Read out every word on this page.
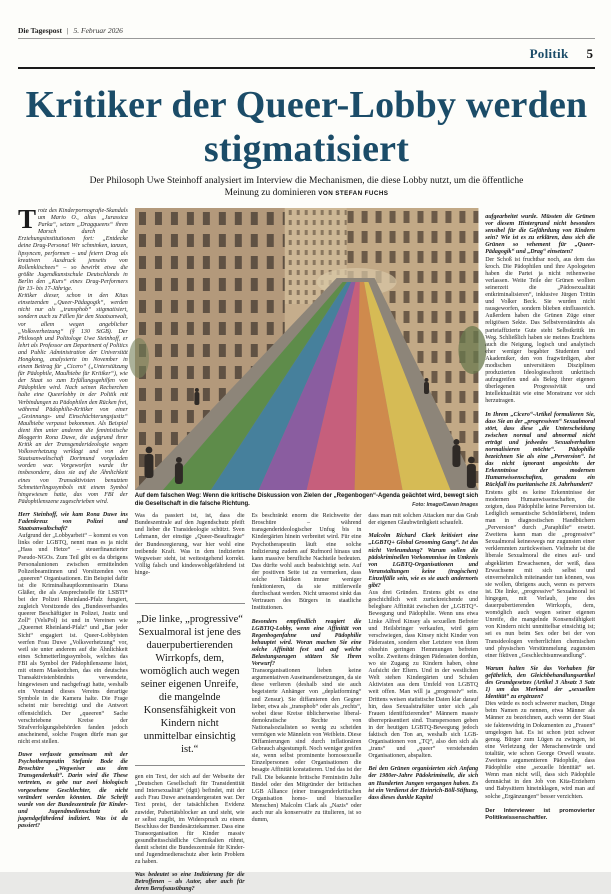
Die Tagespost | 5. Februar 2026
Politik 5
Kritiker der Queer-Lobby werden stigmatisiert
Der Philosoph Uwe Steinhoff analysiert im Interview die Mechanismen, die diese Lobby nutzt, um die öffentliche Meinung zu dominieren VON STEFAN FUCHS

Trotz des Kinderpornografie-Skandals um Mario O., alias „Jurassica Parka“, setzen „Dragqueens“ ihren Marsch durch die Erziehungsinstitutionen fort: „Entdecke deine Drag-Persona! Wir schminken, tanzen, lipsyncen, performen – und feiern Drag als kreativen Ausdruck jenseits von Rollenklischees“ – so bewirbt etwa die größte Jugendkunstschule Deutschlands in Berlin den „Kurs“ eines Drag-Performers für 13- bis 17-Jährige.

Kritiker dieser, schon in den Kitas einsetzenden „Queer-Pädagogik“, werden nicht nur als „transphob“ stigmatisiert, sondern auch zu Fällen für den Staatsanwalt, vor allem wegen angeblicher „Volksverhetzung“ (§ 130 StGB). Der Philosoph und Politologe Uwe Steinhoff, er lehrt als Professor am Department of Politics and Public Administration der Universität Hongkong, analysierte im November in einem Beitrag für „Cicero“ („Unterstützung für Pädophile, Maulhiebe für Kritiker“), wie der Staat so zum Erfüllungsgehilfen von Pädophilen wird. Nach seinen Recherchen halte eine Queerlobby in der Politik mit Verbindungen zu Pädophilen den Rücken frei, während Pädophilie-Kritiker von einer „Gesinnungs- und Einschüchterungsjustiz“ Maulhiebe verpasst bekommen. Als Beispiel dient ihm unter anderem die feministische Bloggerin Rona Duwe, die aufgrund ihrer Kritik an der Transgenderideologie wegen Volksverhetzung verklagt und von der Staatsanwaltschaft Dortmund vorgeladen worden war. Vorgeworfen wurde ihr insbesondere, dass sie auf die Ähnlichkeit eines von Transaktivisten benutzten Schmetterlingssymbols mit einem Symbol hingewiesen hatte, das vom FBI der Pädophilenszene zugeschrieben wird.

Herr Steinhoff, wie kam Rona Duwe ins Fadenkreuz von Polizei und Staatsanwaltschaft?

Aufgrund der „Lobbyarbeit“ – kommt es von links oder LGBTQ, nennt man es ja nicht „Hass und Hetze“ – steuerfinanzierter Pseudo-NGOs. Zum Teil gibt es da übrigens Personalunionen zwischen ermittelnden Polizeibeamtinnen und Vorsitzenden von „queeren“ Organisationen. Ein Beispiel dafür ist die Kriminalhauptkommissarin Diana Gläßer, die als Ansprechstelle für LSBTI* bei der Polizei Rheinland-Pfalz fungiert, zugleich Vorsitzende des „Bundesverbandes queerer Beschäftigter in Polizei, Justiz und Zoll“ (VelsPol) ist und in Vereinen wie „Queernet Rheinland-Pfalz“ und „Bar jeder Sicht“ engagiert ist. Queer-Lobbyisten werfen Frau Duwe „Volksverhetzung“ vor, weil sie unter anderem auf die Ähnlichkeit eines Schmetterlingssymbols, welches das FBI als Symbol der Pädophilenszene listet, mit einem Maskottchen, das ein deutsches Transaktivistenbündnis verwendete, hingewiesen und nachgefragt hatte, weshalb ein Vorstand dieses Vereins derartige Symbole in die Kamera halte. Die Frage scheint mir berechtigt und die Antwort offensichtlich. Der „queeren“ Sache verschriebene Kreise der Strafverfolgungsbehörden fanden jedoch anscheinend, solche Fragen dürfe man gar nicht erst stellen.

Duwe verfasste gemeinsam mit der Psychotherapeutin Stefanie Bode die Broschüre „Wegweiser aus dem Transgenderkult“. Darin wird die These vertreten, es gebe nur zwei biologisch vorgesehene Geschlechter, die nicht verändert werden könnten. Die Schrift wurde von der Bundeszentrale für Kinder- und Jugendmedienschutz als jugendgefährdend indiziert. Was ist da passiert?

Auf dem falschen Weg: Wenn die kritische Diskussion von Zielen der „Regenbogen“-Agenda geächtet wird, bewegt sich die Gesellschaft in die falsche Richtung.	Foto: Imago/Cavan Images

Was da passiert ist, ist, dass die Bundeszentrale auf den Jugendschutz pfeift und lieber die Transideologie schützt. Sven Lehmann, der einstige „Queer-Beauftragte“ der Bundesregierung, war hier wohl eine treibende Kraft. Was in dem indizierten Wegweiser steht, ist weitestgehend korrekt. Völlig falsch und kindeswohlgefährdend ist hinge-

„Die linke, „progressive“ Sexualmoral ist jene des dauerpubertierenden Wirrkopfs, dem, womöglich auch wegen seiner eigenen Unreife, die mangelnde Konsensfähigkeit von Kindern nicht unmittelbar einsichtig ist.“

gen ein Text, der sich auf der Webseite der „Deutschen Gesellschaft für Transidentität und Intersexualität“ (dgti) befindet, mit der auch Frau Duwe aneinandergeraten war. Der Text preist, der tatsächlichen Evidenz zuwider, Pubertätsblocker an und steht, wie er selbst zugibt, im Widerspruch zu einem Beschluss der Bundesärztekammer. Dass eine Transorganisation für Kinder massiv gesundheitsschädliche Chemikalien rühmt, damit scheint die Bundeszentrale für Kinder- und Jugendmedienschutz aber kein Problem zu haben.

Was bedeutet so eine Indizierung für die Betroffenen – als Autor, aber auch für deren Berufsausübung?

Es beschränkt enorm die Reichweite der Broschüre – während transgenderideologischer Unfug bis in Kindergärten hinein verbreitet wird. Für eine Psychotherapeutin läuft eine solche Indizierung zudem auf Rufmord hinaus und kann massive berufliche Nachteile bedeuten. Das dürfte wohl auch beabsichtigt sein. Auf der positiven Seite ist zu vermerken, dass solche Taktiken immer weniger funktionieren, da sie mittlerweile durchschaut werden. Nicht umsonst sinkt das Vertrauen des Bürgers in staatliche Institutionen.

Besonders empfindlich reagiert die LGBTIQ-Lobby, wenn eine Affinität von Regenbogenfahne und Pädophilie behauptet wird. Woran machen Sie eine solche Affinität fest und auf welche Belastungszeugen stützen Sie Ihren Vorwurf?

Transorganisationen lieben keine argumentativen Auseinandersetzungen, da sie diese verlieren (deshalb sind sie auch begeisterte Anhänger von „deplatforming“ und Zensur). Sie diffamieren den Gegner lieber, etwa als „transphob“ oder als „rechts“, wobei diese Kreise üblicherweise liberal-demokratische Rechte von Nationalsozialisten so wenig zu scheiden vermögen wie Männlein von Weiblein. Diese Diffamierungen sind durch inflationären Gebrauch abgestumpft. Noch weniger greifen sie, wenn selbst prominente homosexuelle Einzelpersonen oder Organisationen die besagte Affinität konstatieren. Und das ist der Fall. Die bekannte britische Feministin Julie Bindel oder den Mitgründer der britischen LGB Alliance (einer transgenderkritischen Organisation homo- und bisexueller Menschen) Malcolm Clark als „Nazis“ oder auch nur als konservativ zu titulieren, ist so dumm,

dass man mit solchen Attacken nur das Grab der eigenen Glaubwürdigkeit schaufelt.

Malcolm Richard Clark kritisiert eine „LGBTQ+ Global Grooming Gang“. Ist das nicht Verleumdung? Warum sollen die pädokriminellen Vorkommnisse im Umkreis von LGBTQ-Organisationen und Veranstaltungen keine (tragischen) Einzelfälle sein, wie es sie auch andernorts gibt?

Aus drei Gründen. Erstens gibt es eine geschichtlich weit zurückreichende und belegbare Affinität zwischen der „LGBTQ“-Bewegung und Pädophilie. Wenn uns etwa Linke Alfred Kinsey als sexuellen Befreier und Heilsbringer verkaufen, wird gern verschwiegen, dass Kinsey nicht Kinder von Päderasten, sondern eher Letztere von ihren ohnehin geringen Hemmungen befreien wollte. Zweitens drängen Päderasten dorthin, wo sie Zugang zu Kindern haben, ohne Aufsicht der Eltern. Und in der westlichen Welt stehen Kindergärten und Schulen Aktivisten aus dem Umfeld von LGBTQ weit offen. Man will ja „progressiv“ sein. Drittens weisen statistische Daten klar darauf hin, dass Sexualstraftäter unter sich „als Frauen identifizierenden“ Männern massiv überrepräsentiert sind. Transpersonen geben in der heutigen LGBTQ-Bewegung jedoch faktisch den Ton an, weshalb sich LGB-Organisationen von „TQ“, also den sich als „trans“ und „queer“ verstehenden Organisationen, abspalten.

Bei den Grünen organisierten sich Anfang der 1980er-Jahre Pädokriminelle, die sich an Hunderten Jungen vergangen haben. Es ist ein Verdienst der Heinrich-Böll-Stiftung, dass dieses dunkle Kapitel

aufgearbeitet wurde. Müssten die Grünen vor diesem Hintergrund nicht besonders sensibel für die Gefährdung von Kindern sein? Wie ist es zu erklären, dass sich die Grünen so vehement für „Queer-Pädagogik“ und „Drag“ einsetzen?

Der Schoß ist fruchtbar noch, aus dem das kroch. Die Pädophilen und ihre Apologeten haben die Partei ja nicht reihenweise verlassen. Weite Teile der Grünen wollten seinerzeit die „Pädosexualität entkriminalisieren“, inklusive Jürgen Trittin und Volker Beck. Sie wurden nicht rausgeworfen, sondern blieben einflussreich. Außerdem haben die Grünen Züge einer religiösen Sekte. Das Selbstverständnis als parteiaffizierte Gute steht Selbstkritik im Weg. Schließlich haben sie meines Erachtens auch die Neigung, logisch und analytisch eher weniger begabter Studenten und Akademiker, den von fragwürdigen, aber modischen universitären Disziplinen produzierten Ideologieschrott unkritisch aufzugreifen und als Beleg ihrer eigenen überlegenen Progressivität und Intellektualität wie eine Monstranz vor sich herzutragen.

In Ihrem „Cicero“-Artikel formulieren Sie, dass Sie an der „progressiven“ Sexualmoral stört, dass diese „die Unterscheidung zwischen normal und abnormal nicht erträgt und jedwedes Sexualverhalten normalisieren möchte“. Pädophilie bezeichnen Sie als eine „Perversion“. Ist das nicht ignorant angesichts der Erkenntnisse der modernen Humanwissenschaften, geradezu ein Rückfall ins puritanische 19. Jahrhundert?

Erstens gibt es keine Erkenntnisse der modernen Humanwissenschaften, die zeigten, dass Pädophilie keine Perversion ist. Lediglich semantische Schönfärberei, indem man in diagnostischen Handbüchern „Perversion“ durch „Paraphilie“ ersetzt. Zweitens kann man die „progressive“ Sexualmoral keineswegs nur zugunsten einer verklemmten zurückweisen. Vielmehr ist die liberale Sexualmoral die eines auf- und abgeklärten Erwachsenen, der weiß, dass Erwachsene mit sich selbst und einvernehmlich miteinander tun können, was sie wollen, übrigens auch, wenn es pervers ist. Die linke, „progressive“ Sexualmoral ist hingegen, mit Verlaub, jene des dauerpubertierenden Wirrkopfs, dem, womöglich auch wegen seiner eigenen Unreife, die mangelnde Konsensfähigkeit von Kindern nicht unmittelbar einsichtig ist; sei es nun beim Sex oder bei der von Transideologen verherrlichten chemischen und physischen Verstümmelung zugunsten einer fiktiven „Geschlechtsumwandlung“.

Warum halten Sie das Vorhaben für gefährlich, den Gleichbehandlungsartikel des Grundgesetzes (Artikel 3 Absatz 3 Satz 1) um das Merkmal der „sexuellen Identität“ zu ergänzen?

Dies würde es noch schwerer machen, Dinge beim Namen zu nennen, etwa Männer als Männer zu bezeichnen, auch wenn der Staat sie faktenwidrig in Dokumenten zu „Frauen“ umgelogen hat. Es ist schon jetzt schwer genug. Bürger zum Lügen zu zwingen, ist eine Verletzung der Menschenwürde und totalitär, wie schon George Orwell wusste. Zweitens argumentieren Pädophile, dass Pädophilie eine „sexuelle Identität“ sei. Wenn man nicht will, dass sich Pädophile demnächst in den Job von Kita-Erziehern und Babysittern hineinklagen, wird man auf solche „Ergänzungen“ besser verzichten.

Der Interviewer ist promovierter Politikwissenschaftler.
